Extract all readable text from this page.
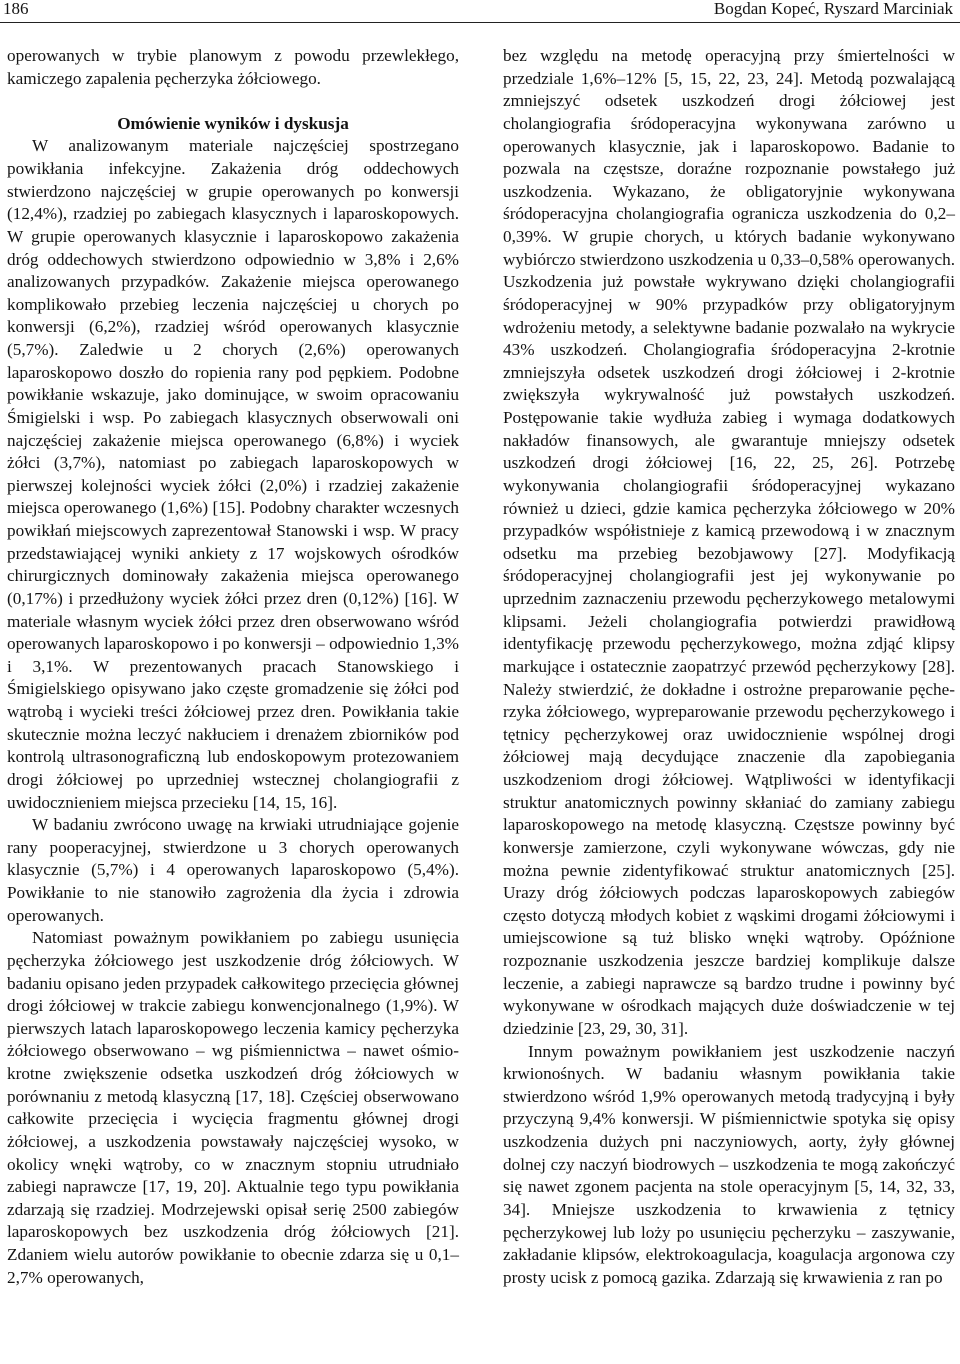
186	Bogdan Kopeć, Ryszard Marciniak

operowanych w trybie planowym z powodu przewlekłego, kamiczego zapalenia pęcherzyka żółciowego.

Omówienie wyników i dyskusja

W analizowanym materiale najczęściej spostrzegano powikłania infekcyjne. Zakażenia dróg oddechowych stwierdzono najczęściej w grupie operowanych po konwersji (12,4%), rzadziej po zabiegach klasycznych i laparoskopowych. W grupie operowanych klasycznie i laparoskopowo zakażenia dróg oddechowych stwierdzono odpowiednio w 3,8% i 2,6% analizowanych przypadków. Zakażenie miejsca operowanego komplikowało przebieg leczenia najczęściej u chorych po konwersji (6,2%), rzadziej wśród operowanych klasycznie (5,7%). Zaledwie u 2 chorych (2,6%) operowanych laparoskopowo doszło do ropienia rany pod pępkiem. Podobne powikłanie wskazuje, jako dominujące, w swoim opracowaniu Śmigielski i wsp. Po zabiegach klasycznych obserwowali oni najczęściej zakażenie miejsca operowanego (6,8%) i wyciek żółci (3,7%), natomiast po zabiegach laparoskopowych w pierwszej kolejności wyciek żółci (2,0%) i rzadziej zakażenie miejsca operowanego (1,6%) [15]. Podobny charakter wczesnych powikłań miejscowych zaprezentował Stanowski i wsp. W pracy przedstawiającej wyniki ankiety z 17 wojskowych ośrodków chirurgicznych dominowały zakażenia miejsca operowanego (0,17%) i przedłużony wyciek żółci przez dren (0,12%) [16]. W materiale własnym wyciek żółci przez dren obserwowano wśród operowanych laparoskopowo i po konwersji – odpowiednio 1,3% i 3,1%. W prezentowanych pracach Stanowskiego i Śmigielskiego opisywano jako częste gromadzenie się żółci pod wątrobą i wycieki treści żółciowej przez dren. Powikłania takie skutecznie można leczyć nakłuciem i drenażem zbiorników pod kontrolą ultrasonograficzną lub endoskopowym protezowaniem drogi żółciowej po uprzedniej wstecznej cholangiografii z uwidocznieniem miejsca przecieku [14, 15, 16].

W badaniu zwrócono uwagę na krwiaki utrudniające gojenie rany pooperacyjnej, stwierdzone u 3 chorych operowanych klasycznie (5,7%) i 4 operowanych laparoskopowo (5,4%). Powikłanie to nie stanowiło zagrożenia dla życia i zdrowia operowanych.

Natomiast poważnym powikłaniem po zabiegu usunięcia pęcherzyka żółciowego jest uszkodzenie dróg żółciowych. W badaniu opisano jeden przypadek całkowitego przecięcia głównej drogi żółciowej w trakcie zabiegu konwencjonalnego (1,9%). W pierwszych latach laparoskopowego leczenia kamicy pęcherzyka żółciowego obserwowano – wg piśmiennictwa – nawet ośmiokrotne zwiększenie odsetka uszkodzeń dróg żółciowych w porównaniu z metodą klasyczną [17, 18]. Częściej obserwowano całkowite przecięcia i wycięcia fragmentu głównej drogi żółciowej, a uszkodzenia powstawały najczęściej wysoko, w okolicy wnęki wątroby, co w znacznym stopniu utrudniało zabiegi naprawcze [17, 19, 20]. Aktualnie tego typu powikłania zdarzają się rzadziej. Modrzejewski opisał serię 2500 zabiegów laparoskopowych bez uszkodzenia dróg żółciowych [21]. Zdaniem wielu autorów powikłanie to obecnie zdarza się u 0,1–2,7% operowanych,

bez względu na metodę operacyjną przy śmiertelności w przedziale 1,6%–12% [5, 15, 22, 23, 24]. Metodą pozwalającą zmniejszyć odsetek uszkodzeń drogi żółciowej jest cholangiografia śródoperacyjna wykonywana zarówno u operowanych klasycznie, jak i laparoskopowo. Badanie to pozwala na częstsze, doraźne rozpoznanie powstałego już uszkodzenia. Wykazano, że obligatoryjnie wykonywana śródoperacyjna cholangiografia ogranicza uszkodzenia do 0,2–0,39%. W grupie chorych, u których badanie wykonywano wybiórczo stwierdzono uszkodzenia u 0,33–0,58% operowanych. Uszkodzenia już powstałe wykrywano dzięki cholangiografii śródoperacyjnej w 90% przypadków przy obligatoryjnym wdrożeniu metody, a selektywne badanie pozwalało na wykrycie 43% uszkodzeń. Cholangiografia śródoperacyjna 2-krotnie zmniejszyła odsetek uszkodzeń drogi żółciowej i 2-krotnie zwiększyła wykrywalność już powstałych uszkodzeń. Postępowanie takie wydłuża zabieg i wymaga dodatkowych nakładów finansowych, ale gwarantuje mniejszy odsetek uszkodzeń drogi żółciowej [16, 22, 25, 26]. Potrzebę wykonywania cholangiografii śródoperacyjnej wykazano również u dzieci, gdzie kamica pęcherzyka żółciowego w 20% przypadków współistnieje z kamicą przewodową i w znacznym odsetku ma przebieg bezobjawowy [27]. Modyfikacją śródoperacyjnej cholangiografii jest jej wykonywanie po uprzednim zaznaczeniu przewodu pęcherzykowego metalowymi klipsami. Jeżeli cholangiografia potwierdzi prawidłową identyfikację przewodu pęcherzykowego, można zdjąć klipsy markujące i ostatecznie zaopatrzyć przewód pęcherzykowy [28]. Należy stwierdzić, że dokładne i ostrożne preparowanie pęcherzyka żółciowego, wypreparowanie przewodu pęcherzykowego i tętnicy pęcherzykowej oraz uwidocznienie wspólnej drogi żółciowej mają decydujące znaczenie dla zapobiegania uszkodzeniom drogi żółciowej. Wątpliwości w identyfikacji struktur anatomicznych powinny skłaniać do zamiany zabiegu laparoskopowego na metodę klasyczną. Częstsze powinny być konwersje zamierzone, czyli wykonywane wówczas, gdy nie można pewnie zidentyfikować struktur anatomicznych [25]. Urazy dróg żółciowych podczas laparoskopowych zabiegów często dotyczą młodych kobiet z wąskimi drogami żółciowymi i umiejscowione są tuż blisko wnęki wątroby. Opóźnione rozpoznanie uszkodzenia jeszcze bardziej komplikuje dalsze leczenie, a zabiegi naprawcze są bardzo trudne i powinny być wykonywane w ośrodkach mających duże doświadczenie w tej dziedzinie [23, 29, 30, 31].

Innym poważnym powikłaniem jest uszkodzenie naczyń krwionośnych. W badaniu własnym powikłania takie stwierdzono wśród 1,9% operowanych metodą tradycyjną i były przyczyną 9,4% konwersji. W piśmiennictwie spotyka się opisy uszkodzenia dużych pni naczyniowych, aorty, żyły głównej dolnej czy naczyń biodrowych – uszkodzenia te mogą zakończyć się nawet zgonem pacjenta na stole operacyjnym [5, 14, 32, 33, 34]. Mniejsze uszkodzenia to krwawienia z tętnicy pęcherzykowej lub loży po usunięciu pęcherzyku – zaszywanie, zakładanie klipsów, elektrokoagulacja, koagulacja argonowa czy prosty ucisk z pomocą gazika. Zdarzają się krwawienia z ran po
